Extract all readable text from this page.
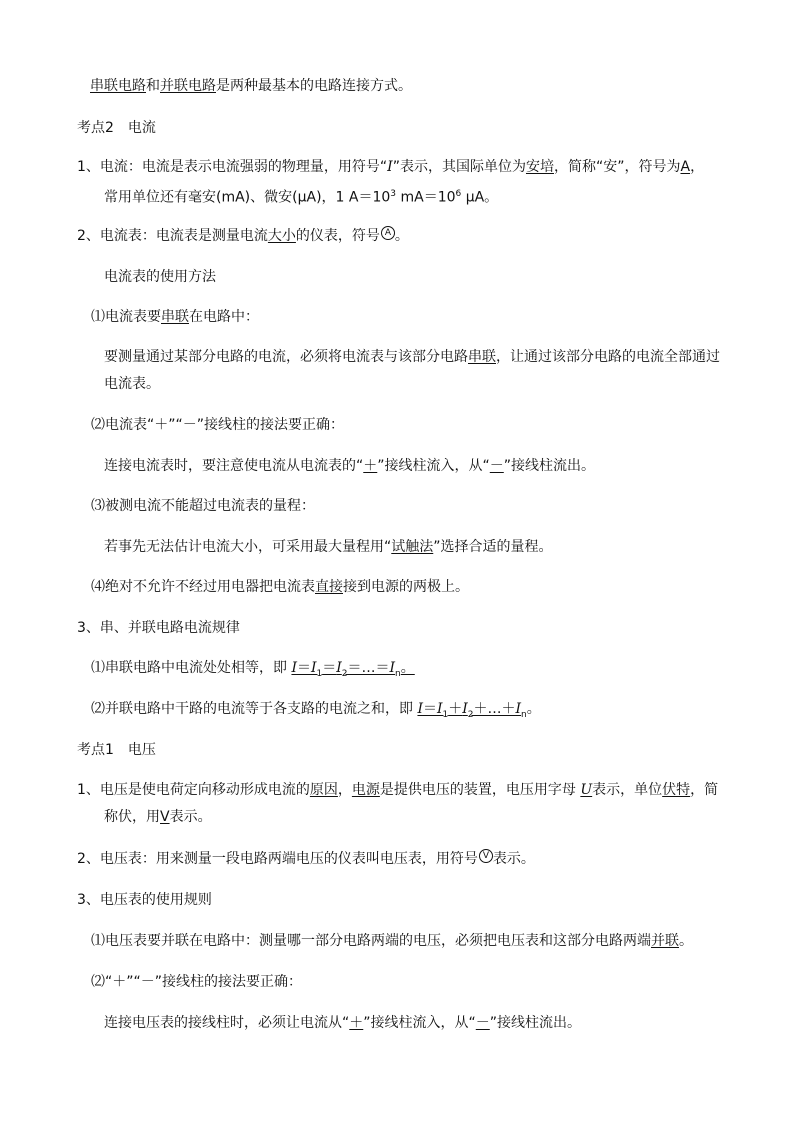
串联电路和并联电路是两种最基本的电路连接方式。
考点2　电流
1、电流：电流是表示电流强弱的物理量，用符号“I”表示，其国际单位为安培，简称“安”，符号为A，
常用单位还有毫安(mA)、微安(μA)，1 $A=10^3$ $mA=10^6$ μA。
2、电流表：电流表是测量电流大小的仪表，符号 A 。
电流表的使用方法
⑴电流表要串联在电路中：
要测量通过某部分电路的电流，必须将电流表与该部分电路串联，让通过该部分电路的电流全部通过
电流表。
⑵电流表“＋”“－”接线柱的接法要正确：
连接电流表时，要注意使电流从电流表的“＋”接线柱流入，从“－”接线柱流出。
⑶被测电流不能超过电流表的量程：
若事先无法估计电流大小，可采用最大量程用“试触法”选择合适的量程。
⑷绝对不允许不经过用电器把电流表直接接到电源的两极上。
3、串、并联电路电流规律
⑴串联电路中电流处处相等，即 $I=I_1=I_2=\dots=I_n$。
⑵并联电路中干路的电流等于各支路的电流之和，即 $I=I_1+I_2+\dots+I_n$。
考点1　电压
1、电压是使电荷定向移动形成电流的原因，电源是提供电压的装置，电压用字母 U表示，单位伏特，简
称伏，用V表示。
2、电压表：用来测量一段电路两端电压的仪表叫电压表，用符号 V 表示。
3、电压表的使用规则
⑴电压表要并联在电路中：测量哪一部分电路两端的电压，必须把电压表和这部分电路两端并联。
⑵“＋”“－”接线柱的接法要正确：
连接电压表的接线柱时，必须让电流从“＋”接线柱流入，从“－”接线柱流出。
